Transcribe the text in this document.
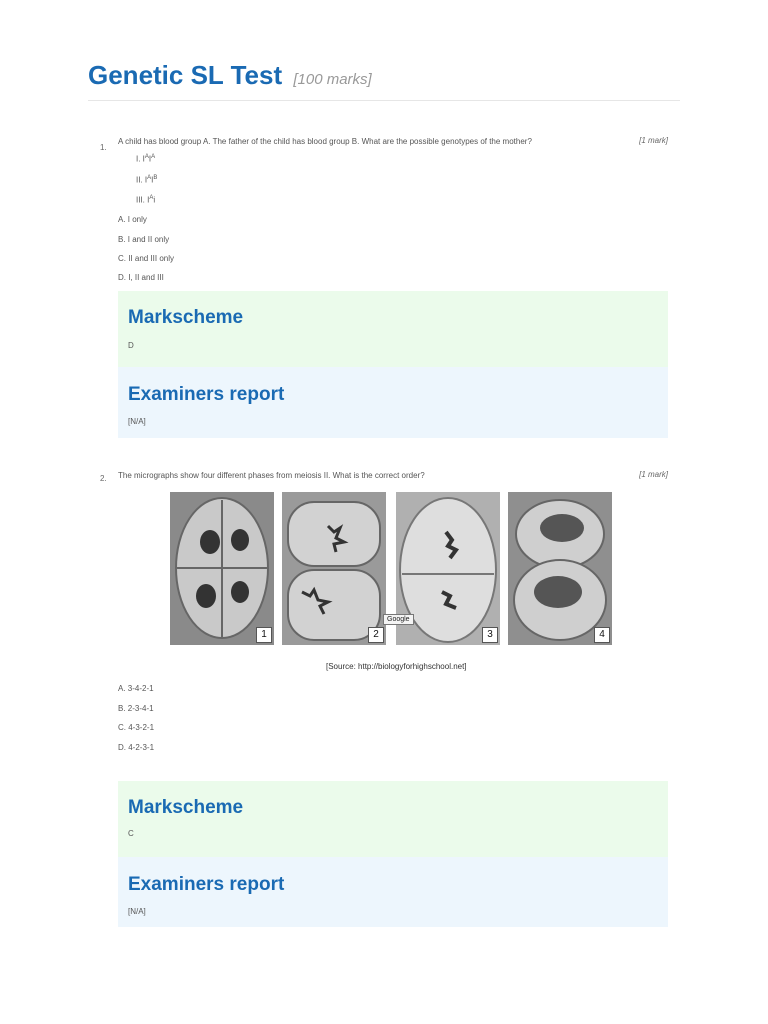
Genetic SL Test [100 marks]
1.
A child has blood group A. The father of the child has blood group B. What are the possible genotypes of the mother?	[1 mark]
I. $I^AI^A$
II. $I^AI^B$
III. $I^Ai$
A. I only
B. I and II only
C. II and III only
D. I, II and III
Markscheme
D
Examiners report
[N/A]
2. The micrographs show four different phases from meiosis II. What is the correct order?	[1 mark]
1	2	3	4
Google
[Source: http://biologyforhighschool.net]
A. 3-4-2-1
B. 2-3-4-1
C. 4-3-2-1
D. 4-2-3-1
Markscheme
C
Examiners report
[N/A]
